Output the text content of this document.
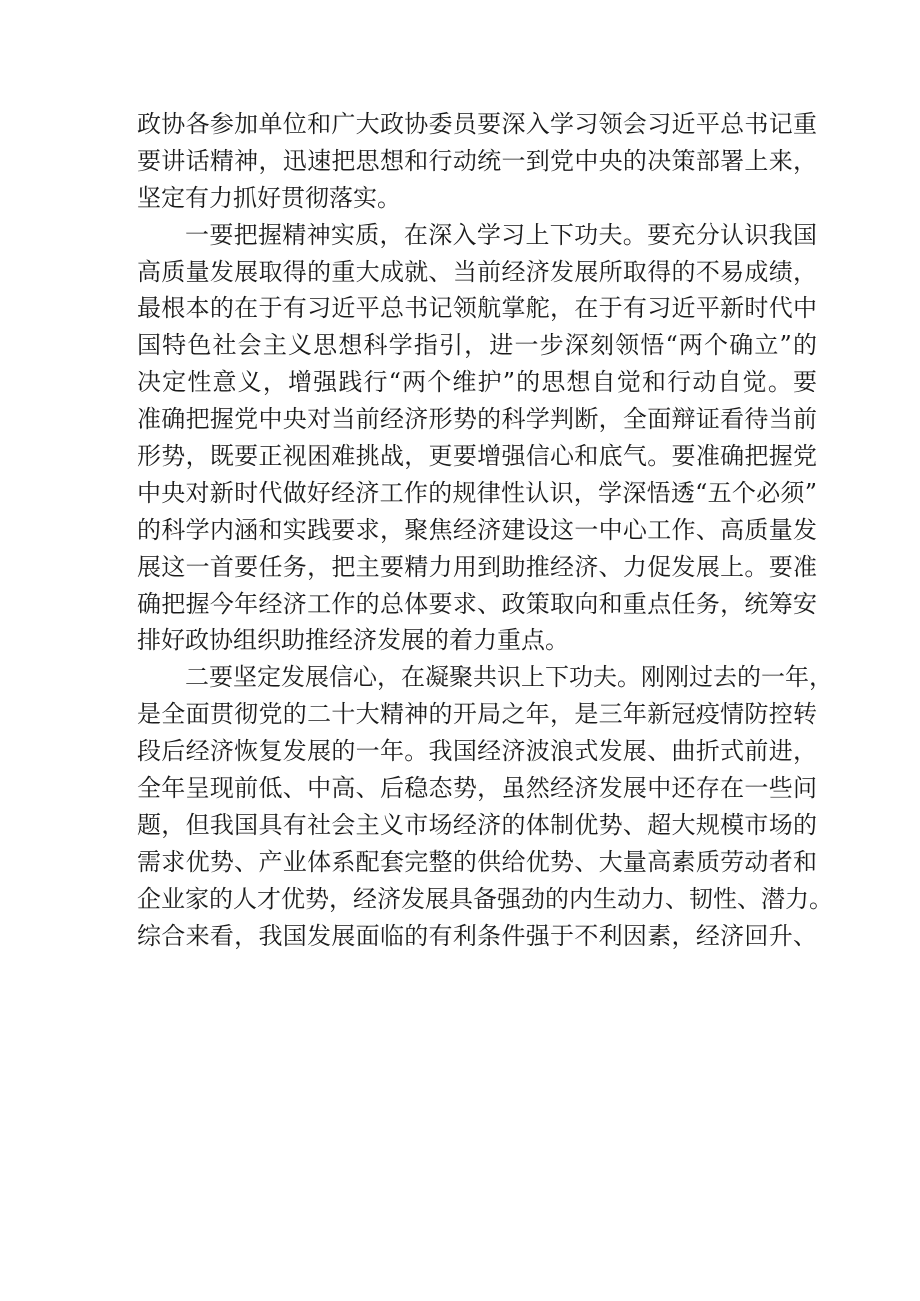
政协各参加单位和广大政协委员要深入学习领会习近平总书记重
要讲话精神，迅速把思想和行动统一到党中央的决策部署上来，
坚定有力抓好贯彻落实。
一要把握精神实质，在深入学习上下功夫。要充分认识我国
高质量发展取得的重大成就、当前经济发展所取得的不易成绩，
最根本的在于有习近平总书记领航掌舵，在于有习近平新时代中
国特色社会主义思想科学指引，进一步深刻领悟“两个确立”的
决定性意义，增强践行“两个维护”的思想自觉和行动自觉。要
准确把握党中央对当前经济形势的科学判断，全面辩证看待当前
形势，既要正视困难挑战，更要增强信心和底气。要准确把握党
中央对新时代做好经济工作的规律性认识，学深悟透“五个必须”
的科学内涵和实践要求，聚焦经济建设这一中心工作、高质量发
展这一首要任务，把主要精力用到助推经济、力促发展上。要准
确把握今年经济工作的总体要求、政策取向和重点任务，统筹安
排好政协组织助推经济发展的着力重点。
二要坚定发展信心，在凝聚共识上下功夫。刚刚过去的一年，
是全面贯彻党的二十大精神的开局之年，是三年新冠疫情防控转
段后经济恢复发展的一年。我国经济波浪式发展、曲折式前进，
全年呈现前低、中高、后稳态势，虽然经济发展中还存在一些问
题，但我国具有社会主义市场经济的体制优势、超大规模市场的
需求优势、产业体系配套完整的供给优势、大量高素质劳动者和
企业家的人才优势，经济发展具备强劲的内生动力、韧性、潜力。
综合来看，我国发展面临的有利条件强于不利因素，经济回升、
